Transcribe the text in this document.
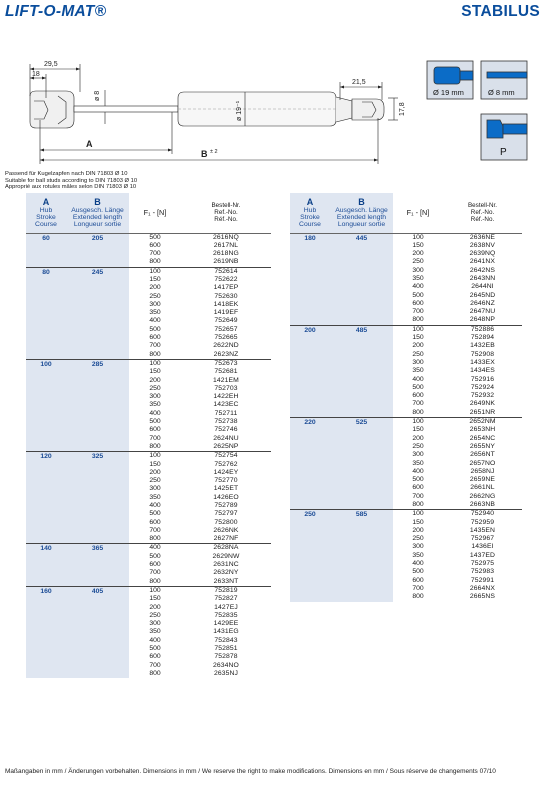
LIFT-O-MAT®	STABILUS
29,5
18
ø 8
21,5
ø 19⁻¹	17,8
A
B ± 2
Ø 19 mm	Ø 8 mm
P
Passend für Kugelzapfen nach DIN 71803 Ø 10
Suitable for ball studs according to DIN 71803 Ø 10
Approprié aux rotules mâles selon DIN 71803 Ø 10
A
Hub
Stroke
Course	B
Ausgesch. Länge
Extended length
Longueur sortie	F₁ - [N]	Bestell-Nr.
Ref.-No.
Réf.-No.
60	205	500	2616NQ
		600	2617NL
		700	2618NG
		800	2619NB
80	245	100	752614
		150	752622
		200	1417EP
		250	752630
		300	1418EK
		350	1419EF
		400	752649
		500	752657
		600	752665
		700	2622ND
		800	2623NZ
100	285	100	752673
		150	752681
		200	1421EM
		250	752703
		300	1422EH
		350	1423EC
		400	752711
		500	752738
		600	752746
		700	2624NU
		800	2625NP
120	325	100	752754
		150	752762
		200	1424EY
		250	752770
		300	1425ET
		350	1426EO
		400	752789
		500	752797
		600	752800
		700	2626NK
		800	2627NF
140	365	400	2628NA
		500	2629NW
		600	2631NC
		700	2632NY
		800	2633NT
160	405	100	752819
		150	752827
		200	1427EJ
		250	752835
		300	1429EE
		350	1431EG
		400	752843
		500	752851
		600	752878
		700	2634NO
		800	2635NJ
A
Hub
Stroke
Course	B
Ausgesch. Länge
Extended length
Longueur sortie	F₁ - [N]	Bestell-Nr.
Ref.-No.
Réf.-No.
180	445	100	2636NE
		150	2638NV
		200	2639NQ
		250	2641NX
		300	2642NS
		350	2643NN
		400	2644NI
		500	2645ND
		600	2646NZ
		700	2647NU
		800	2648NP
200	485	100	752886
		150	752894
		200	1432EB
		250	752908
		300	1433EX
		350	1434ES
		400	752916
		500	752924
		600	752932
		700	2649NK
		800	2651NR
220	525	100	2652NM
		150	2653NH
		200	2654NC
		250	2655NY
		300	2656NT
		350	2657NO
		400	2658NJ
		500	2659NE
		600	2661NL
		700	2662NG
		800	2663NB
250	585	100	752940
		150	752959
		200	1435EN
		250	752967
		300	1436EI
		350	1437ED
		400	752975
		500	752983
		600	752991
		700	2664NX
		800	2665NS
Maßangaben in mm / Änderungen vorbehalten. Dimensions in mm / We reserve the right to make modifications. Dimensions en mm / Sous réserve de changements 07/10
